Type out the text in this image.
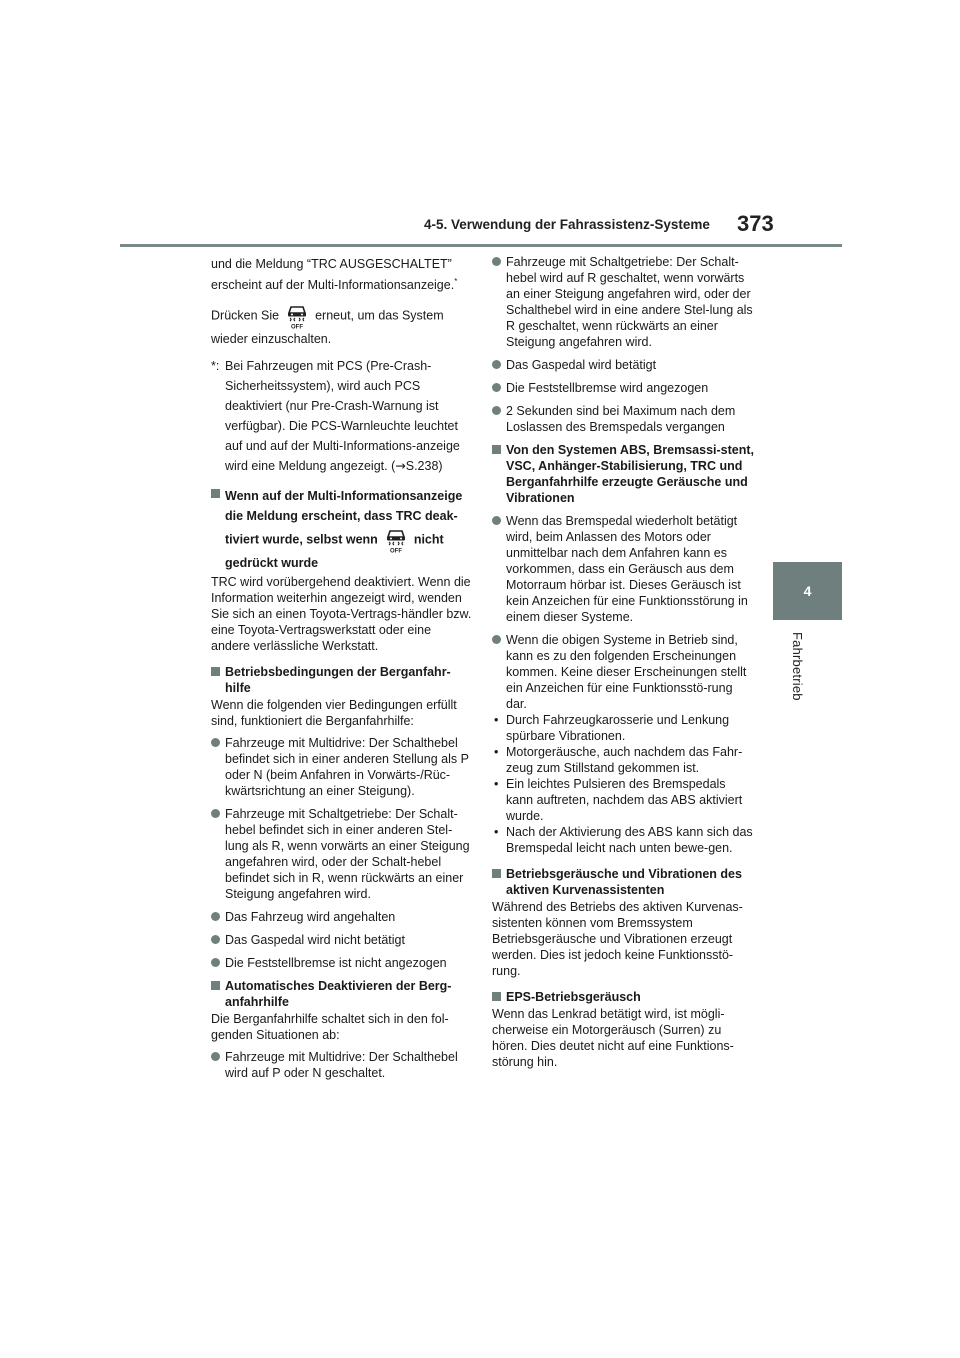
4-5. Verwendung der Fahrassistenz-Systeme 373
4
Fahrbetrieb

und die Meldung “TRC AUSGESCHALTET” erscheint auf der Multi-Informationsanzeige.*

Drücken Sie
OFF
erneut, um das System wieder einzuschalten.

*: Bei Fahrzeugen mit PCS (Pre-Crash-Sicherheitssystem), wird auch PCS deaktiviert (nur Pre-Crash-Warnung ist verfügbar). Die PCS-Warnleuchte leuchtet auf und auf der Multi-Informations-anzeige wird eine Meldung angezeigt. (→S.238)

Wenn auf der Multi-Informationsanzeige die Meldung erscheint, dass TRC deak-tiviert wurde, selbst wenn
OFF
nicht gedrückt wurde

TRC wird vorübergehend deaktiviert. Wenn die Information weiterhin angezeigt wird, wenden Sie sich an einen Toyota-Vertrags-händler bzw. eine Toyota-Vertragswerkstatt oder eine andere verlässliche Werkstatt.

Betriebsbedingungen der Berganfahr-hilfe

Wenn die folgenden vier Bedingungen erfüllt sind, funktioniert die Berganfahrhilfe:

Fahrzeuge mit Multidrive: Der Schalthebel befindet sich in einer anderen Stellung als P oder N (beim Anfahren in Vorwärts-/Rüc-kwärtsrichtung an einer Steigung).

Fahrzeuge mit Schaltgetriebe: Der Schalt-hebel befindet sich in einer anderen Stel-lung als R, wenn vorwärts an einer Steigung angefahren wird, oder der Schalt-hebel befindet sich in R, wenn rückwärts an einer Steigung angefahren wird.

Das Fahrzeug wird angehalten

Das Gaspedal wird nicht betätigt

Die Feststellbremse ist nicht angezogen

Automatisches Deaktivieren der Berg-anfahrhilfe

Die Berganfahrhilfe schaltet sich in den fol-genden Situationen ab:

Fahrzeuge mit Multidrive: Der Schalthebel wird auf P oder N geschaltet.

Fahrzeuge mit Schaltgetriebe: Der Schalt-hebel wird auf R geschaltet, wenn vorwärts an einer Steigung angefahren wird, oder der Schalthebel wird in eine andere Stel-lung als R geschaltet, wenn rückwärts an einer Steigung angefahren wird.

Das Gaspedal wird betätigt

Die Feststellbremse wird angezogen

2 Sekunden sind bei Maximum nach dem Loslassen des Bremspedals vergangen

Von den Systemen ABS, Bremsassi-stent, VSC, Anhänger-Stabilisierung, TRC und Berganfahrhilfe erzeugte Geräusche und Vibrationen

Wenn das Bremspedal wiederholt betätigt wird, beim Anlassen des Motors oder unmittelbar nach dem Anfahren kann es vorkommen, dass ein Geräusch aus dem Motorraum hörbar ist. Dieses Geräusch ist kein Anzeichen für eine Funktionsstörung in einem dieser Systeme.

Wenn die obigen Systeme in Betrieb sind, kann es zu den folgenden Erscheinungen kommen. Keine dieser Erscheinungen stellt ein Anzeichen für eine Funktionsstö-rung dar.

• Durch Fahrzeugkarosserie und Lenkung spürbare Vibrationen.

• Motorgeräusche, auch nachdem das Fahr-zeug zum Stillstand gekommen ist.

• Ein leichtes Pulsieren des Bremspedals kann auftreten, nachdem das ABS aktiviert wurde.

• Nach der Aktivierung des ABS kann sich das Bremspedal leicht nach unten bewe-gen.

Betriebsgeräusche und Vibrationen des aktiven Kurvenassistenten

Während des Betriebs des aktiven Kurvenas-sistenten können vom Bremssystem Betriebsgeräusche und Vibrationen erzeugt werden. Dies ist jedoch keine Funktionsstö-rung.

EPS-Betriebsgeräusch

Wenn das Lenkrad betätigt wird, ist mögli-cherweise ein Motorgeräusch (Surren) zu hören. Dies deutet nicht auf eine Funktions-störung hin.
